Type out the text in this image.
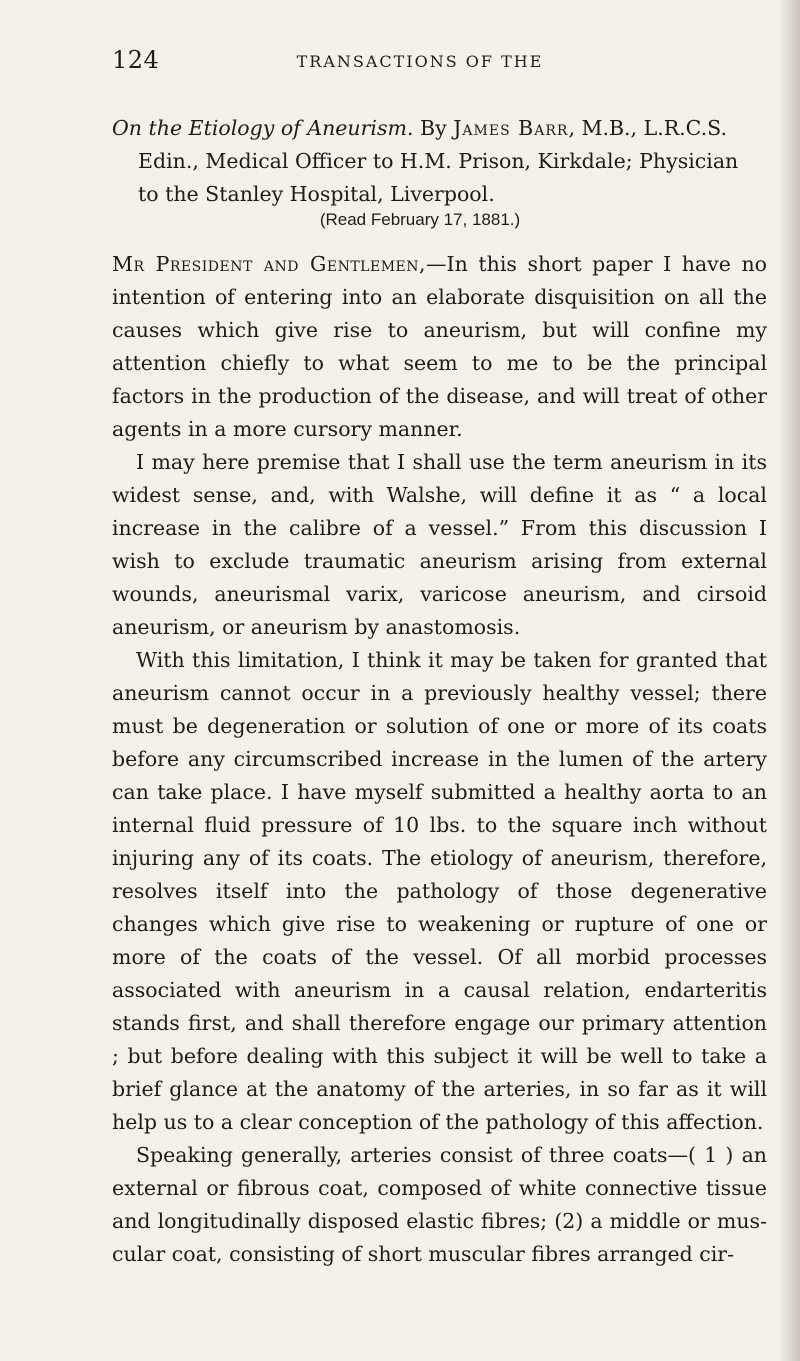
124	TRANSACTIONS OF THE
On the Etiology of Aneurism. By James Barr, M.B., L.R.C.S.
Edin., Medical Officer to H.M. Prison, Kirkdale; Physician
to the Stanley Hospital, Liverpool.
(Read February 17, 1881.)

Mr President and Gentlemen,—In this short paper I have no intention of entering into an elaborate disquisition on all the causes which give rise to aneurism, but will confine my attention chiefly to what seem to me to be the principal factors in the production of the disease, and will treat of other agents in a more cursory manner.

I may here premise that I shall use the term aneurism in its widest sense, and, with Walshe, will define it as “ a local increase in the calibre of a vessel.” From this discussion I wish to exclude traumatic aneurism arising from external wounds, aneurismal varix, varicose aneurism, and cirsoid aneurism, or aneurism by anastomosis.

With this limitation, I think it may be taken for granted that aneurism cannot occur in a previously healthy vessel; there must be degeneration or solution of one or more of its coats before any circumscribed increase in the lumen of the artery can take place. I have myself submitted a healthy aorta to an internal fluid pressure of 10 lbs. to the square inch without injuring any of its coats. The etiology of aneurism, therefore, resolves itself into the pathology of those degenerative changes which give rise to weakening or rupture of one or more of the coats of the vessel. Of all morbid processes associated with aneurism in a causal relation, endarteritis stands first, and shall therefore engage our primary attention ; but before dealing with this subject it will be well to take a brief glance at the anatomy of the arteries, in so far as it will help us to a clear conception of the pathology of this affection.

Speaking generally, arteries consist of three coats—( 1 ) an external or fibrous coat, composed of white connective tissue and longitudinally disposed elastic fibres; (2) a middle or mus- cular coat, consisting of short muscular fibres arranged cir-
